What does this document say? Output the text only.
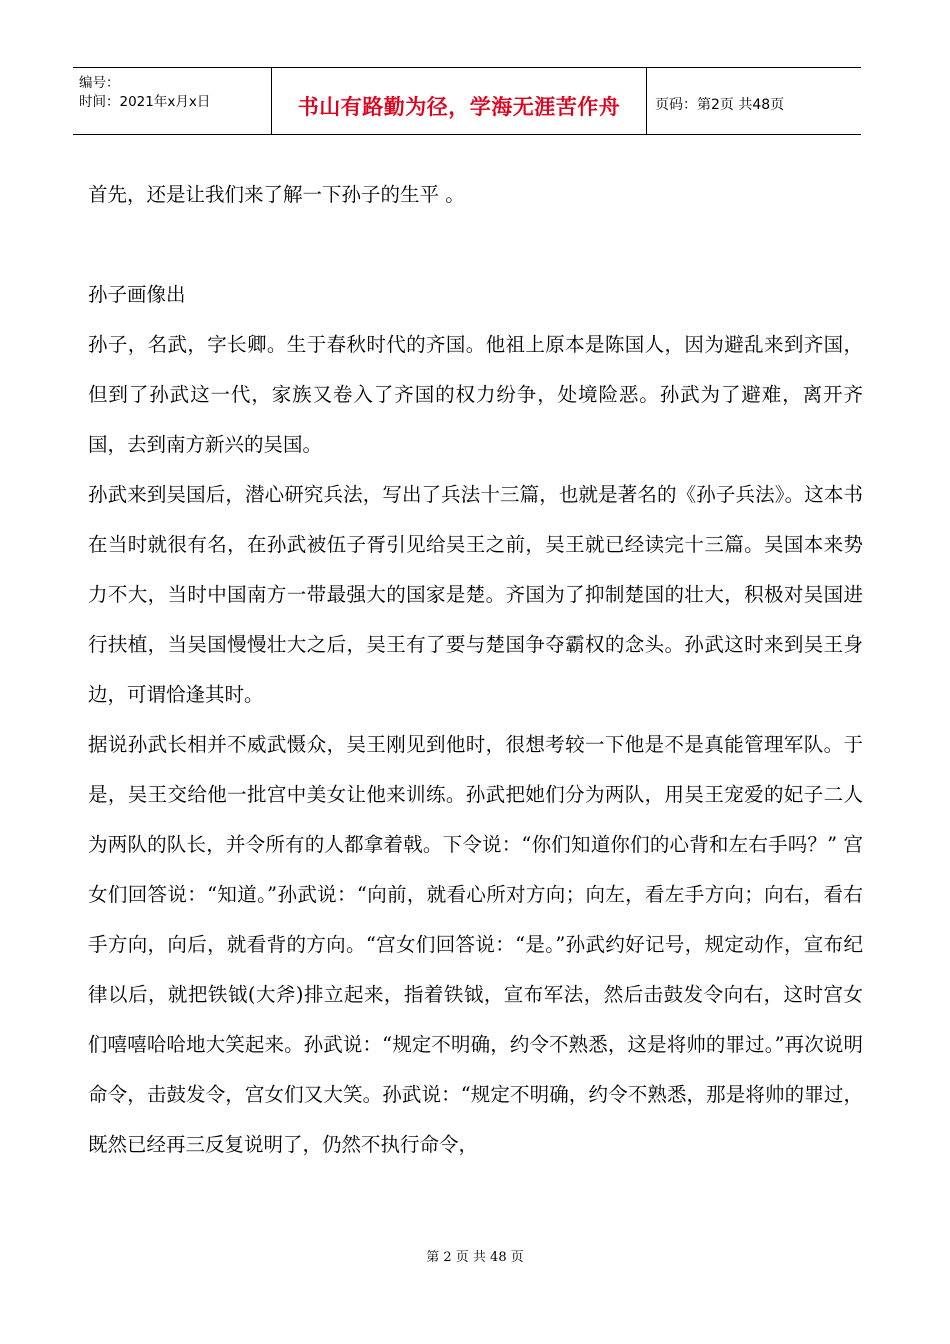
编号：
时间：2021年x月x日	书山有路勤为径，学海无涯苦作舟	页码：第2页 共48页

首先，还是让我们来了解一下孙子的生平 。

孙子画像出

孙子，名武，字长卿。生于春秋时代的齐国。他祖上原本是陈国人，因为避乱来到齐国，但到了孙武这一代，家族又卷入了齐国的权力纷争，处境险恶。孙武为了避难，离开齐国，去到南方新兴的吴国。

孙武来到吴国后，潜心研究兵法，写出了兵法十三篇，也就是著名的《孙子兵法》。这本书在当时就很有名，在孙武被伍子胥引见给吴王之前，吴王就已经读完十三篇。吴国本来势力不大，当时中国南方一带最强大的国家是楚。齐国为了抑制楚国的壮大，积极对吴国进行扶植，当吴国慢慢壮大之后，吴王有了要与楚国争夺霸权的念头。孙武这时来到吴王身边，可谓恰逢其时。

据说孙武长相并不威武慑众，吴王刚见到他时，很想考较一下他是不是真能管理军队。于是，吴王交给他一批宫中美女让他来训练。孙武把她们分为两队，用吴王宠爱的妃子二人为两队的队长，并令所有的人都拿着戟。下令说：“你们知道你们的心背和左右手吗？” 宫女们回答说：“知道。”孙武说：“向前，就看心所对方向；向左，看左手方向；向右，看右手方向，向后，就看背的方向。“宫女们回答说：“是。”孙武约好记号，规定动作，宣布纪律以后，就把铁钺(大斧)排立起来，指着铁钺，宣布军法，然后击鼓发令向右，这时宫女们嘻嘻哈哈地大笑起来。孙武说：“规定不明确，约令不熟悉，这是将帅的罪过。”再次说明命令，击鼓发令，宫女们又大笑。孙武说：“规定不明确，约令不熟悉，那是将帅的罪过，既然已经再三反复说明了，仍然不执行命令，

第 2 页 共 48 页
